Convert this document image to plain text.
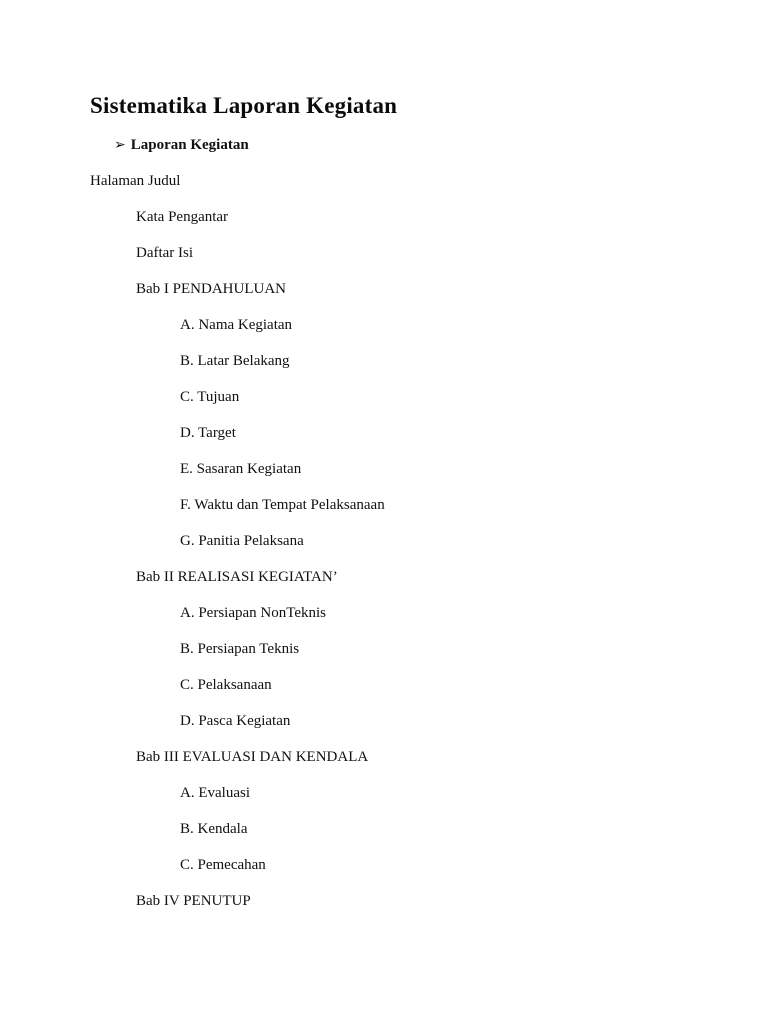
Sistematika Laporan Kegiatan
➢ Laporan Kegiatan
Halaman Judul
Kata Pengantar
Daftar Isi
Bab I PENDAHULUAN
A. Nama Kegiatan
B. Latar Belakang
C. Tujuan
D. Target
E. Sasaran Kegiatan
F. Waktu dan Tempat Pelaksanaan
G. Panitia Pelaksana
Bab II REALISASI KEGIATAN’
A. Persiapan NonTeknis
B. Persiapan Teknis
C. Pelaksanaan
D. Pasca Kegiatan
Bab III EVALUASI DAN KENDALA
A. Evaluasi
B. Kendala
C. Pemecahan
Bab IV PENUTUP
